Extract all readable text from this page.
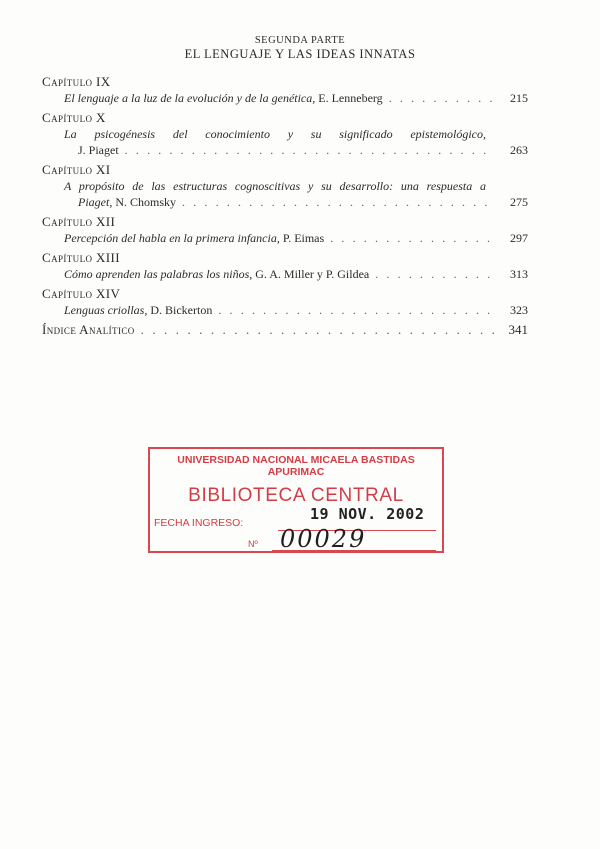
SEGUNDA PARTE
EL LENGUAJE Y LAS IDEAS INNATAS
Capítulo IX
El lenguaje a la luz de la evolución y de la genética, E. Lenneberg . . .	215
Capítulo X
La psicogénesis del conocimiento y su significado epistemológico,
J. Piaget . . .	263
Capítulo XI
A propósito de las estructuras cognoscitivas y su desarrollo: una respuesta a
Piaget, N. Chomsky . . .	275
Capítulo XII
Percepción del habla en la primera infancia, P. Eimas . . .	297
Capítulo XIII
Cómo aprenden las palabras los niños, G. A. Miller y P. Gildea . . .	313
Capítulo XIV
Lenguas criollas, D. Bickerton . . .	323
Índice Analítico . . .	341
UNIVERSIDAD NACIONAL MICAELA BASTIDAS
APURIMAC
BIBLIOTECA CENTRAL
FECHA INGRESO:	19 NOV. 2002
Nº 00029
